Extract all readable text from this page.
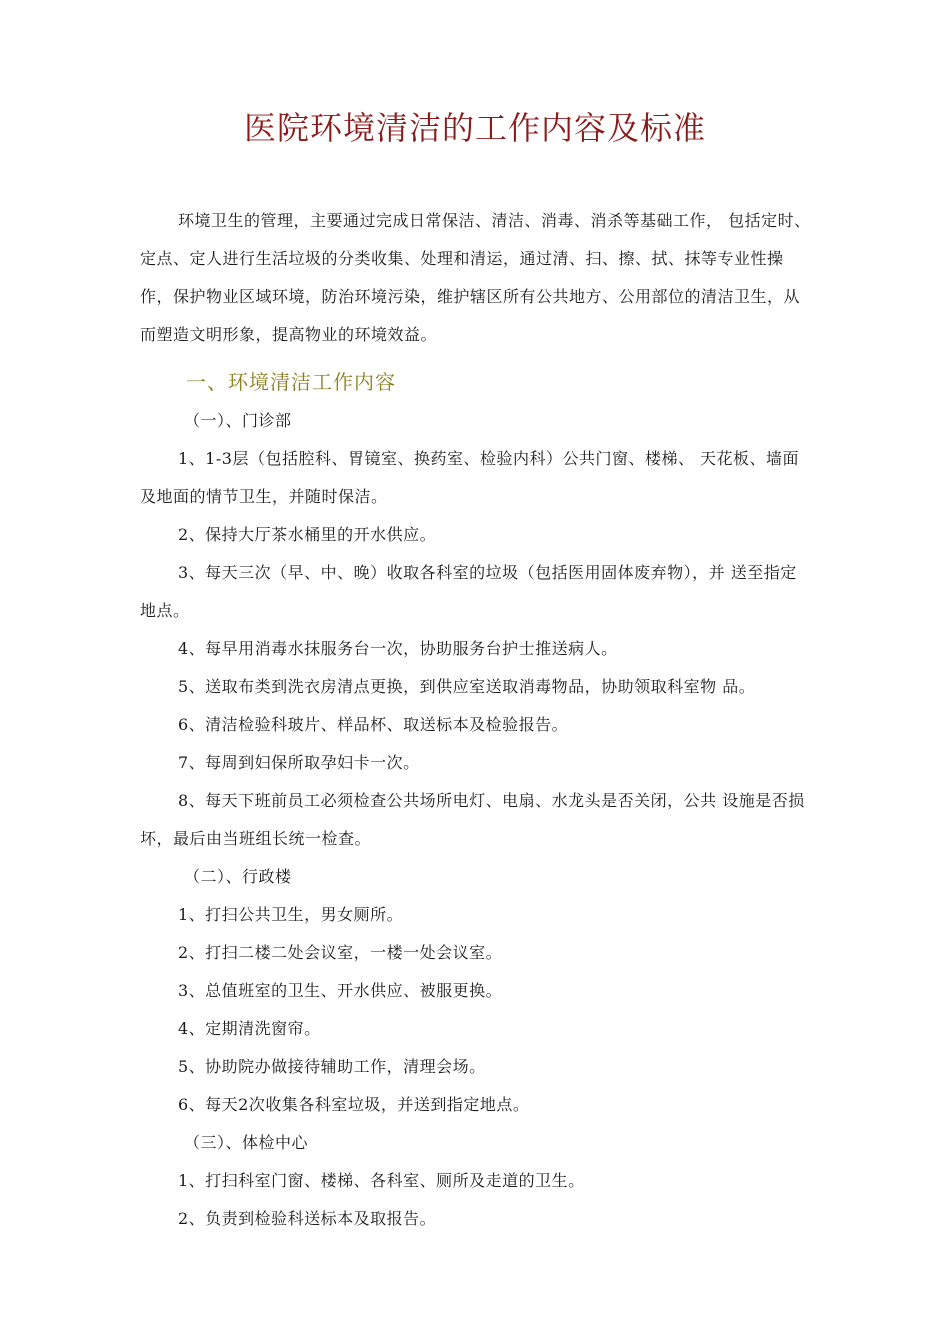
医院环境清洁的工作内容及标准

环境卫生的管理，主要通过完成日常保洁、清洁、消毒、消杀等基础工作， 包括定时、定点、定人进行生活垃圾的分类收集、处理和清运，通过清、扫、擦、拭、抹等专业性操作，保护物业区域环境，防治环境污染，维护辖区所有公共地方、公用部位的清洁卫生，从而塑造文明形象，提高物业的环境效益。

一、环境清洁工作内容

（一）、门诊部

1、1-3层（包括腔科、胃镜室、换药室、检验内科）公共门窗、楼梯、 天花板、墙面及地面的情节卫生，并随时保洁。

2、保持大厅茶水桶里的开水供应。

3、每天三次（早、中、晚）收取各科室的垃圾（包括医用固体废弃物），并 送至指定地点。

4、每早用消毒水抹服务台一次，协助服务台护士推送病人。

5、送取布类到洗衣房清点更换，到供应室送取消毒物品，协助领取科室物 品。

6、清洁检验科玻片、样品杯、取送标本及检验报告。

7、每周到妇保所取孕妇卡一次。

8、每天下班前员工必须检查公共场所电灯、电扇、水龙头是否关闭，公共 设施是否损坏，最后由当班组长统一检查。

（二）、行政楼

1、打扫公共卫生，男女厕所。

2、打扫二楼二处会议室，一楼一处会议室。

3、总值班室的卫生、开水供应、被服更换。

4、定期清洗窗帘。

5、协助院办做接待辅助工作，清理会场。

6、每天2次收集各科室垃圾，并送到指定地点。

（三）、体检中心

1、打扫科室门窗、楼梯、各科室、厕所及走道的卫生。

2、负责到检验科送标本及取报告。
